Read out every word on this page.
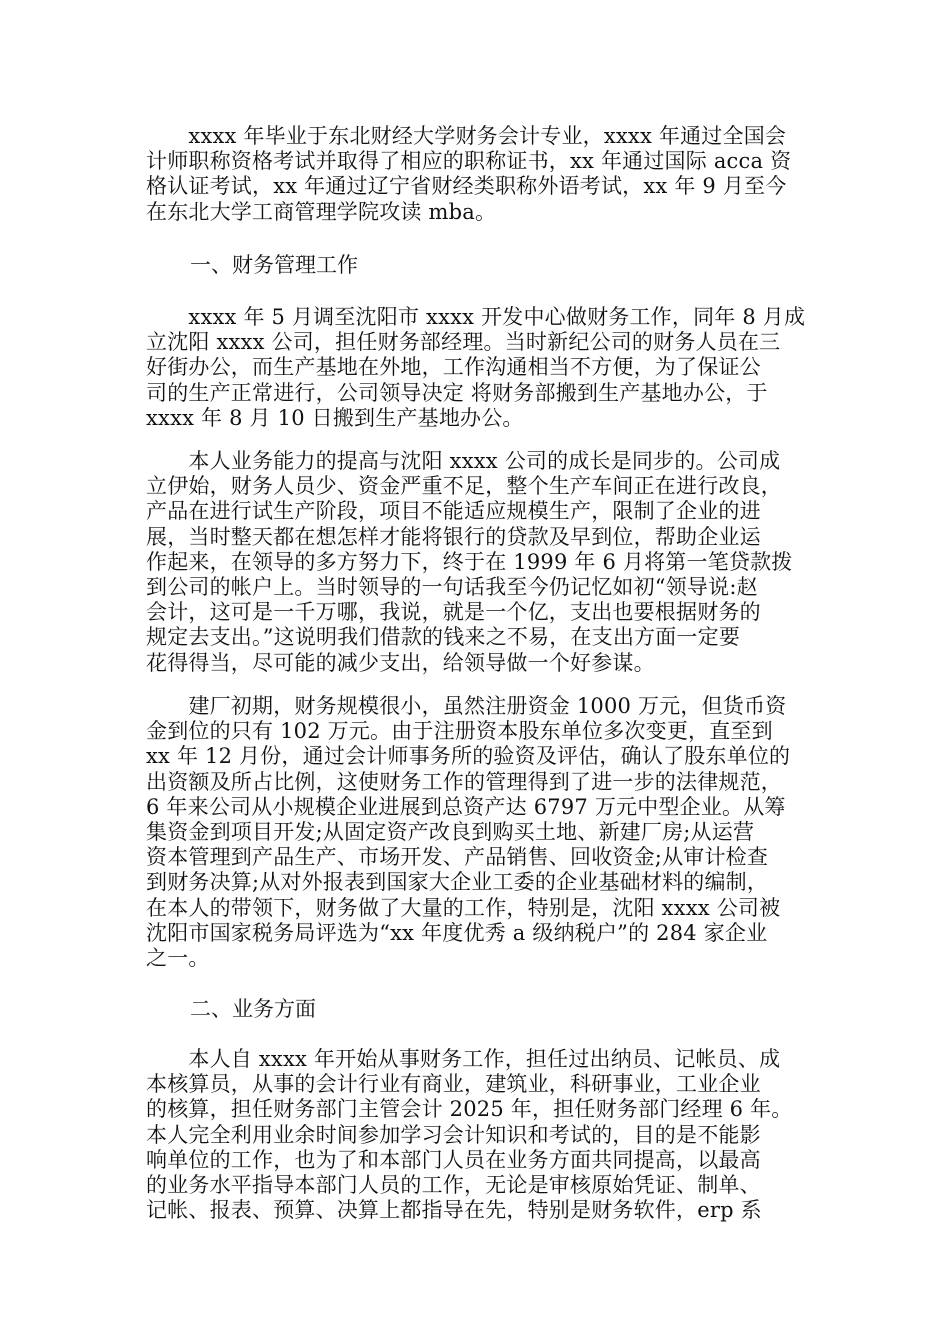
　　xxxx 年毕业于东北财经大学财务会计专业，xxxx 年通过全国会
计师职称资格考试并取得了相应的职称证书，xx 年通过国际 acca 资
格认证考试，xx 年通过辽宁省财经类职称外语考试，xx 年 9 月至今
在东北大学工商管理学院攻读 mba。
一、财务管理工作
　　xxxx 年 5 月调至沈阳市 xxxx 开发中心做财务工作，同年 8 月成
立沈阳 xxxx 公司，担任财务部经理。当时新纪公司的财务人员在三
好街办公，而生产基地在外地，工作沟通相当不方便，为了保证公
司的生产正常进行，公司领导决定 将财务部搬到生产基地办公，于
xxxx 年 8 月 10 日搬到生产基地办公。
　　本人业务能力的提高与沈阳 xxxx 公司的成长是同步的。公司成
立伊始，财务人员少、资金严重不足，整个生产车间正在进行改良，
产品在进行试生产阶段，项目不能适应规模生产，限制了企业的进
展，当时整天都在想怎样才能将银行的贷款及早到位，帮助企业运
作起来，在领导的多方努力下，终于在 1999 年 6 月将第一笔贷款拨
到公司的帐户上。当时领导的一句话我至今仍记忆如初“领导说:赵
会计，这可是一千万哪，我说，就是一个亿，支出也要根据财务的
规定去支出。”这说明我们借款的钱来之不易，在支出方面一定要
花得得当，尽可能的减少支出，给领导做一个好参谋。
　　建厂初期，财务规模很小，虽然注册资金 1000 万元，但货币资
金到位的只有 102 万元。由于注册资本股东单位多次变更，直至到
xx 年 12 月份，通过会计师事务所的验资及评估，确认了股东单位的
出资额及所占比例，这使财务工作的管理得到了进一步的法律规范，
6 年来公司从小规模企业进展到总资产达 6797 万元中型企业。从筹
集资金到项目开发;从固定资产改良到购买土地、新建厂房;从运营
资本管理到产品生产、市场开发、产品销售、回收资金;从审计检查
到财务决算;从对外报表到国家大企业工委的企业基础材料的编制，
在本人的带领下，财务做了大量的工作，特别是，沈阳 xxxx 公司被
沈阳市国家税务局评选为“xx 年度优秀 a 级纳税户”的 284 家企业
之一。
二、业务方面
　　本人自 xxxx 年开始从事财务工作，担任过出纳员、记帐员、成
本核算员，从事的会计行业有商业，建筑业，科研事业，工业企业
的核算，担任财务部门主管会计 2025 年，担任财务部门经理 6 年。
本人完全利用业余时间参加学习会计知识和考试的，目的是不能影
响单位的工作，也为了和本部门人员在业务方面共同提高，以最高
的业务水平指导本部门人员的工作，无论是审核原始凭证、制单、
记帐、报表、预算、决算上都指导在先，特别是财务软件，erp 系
